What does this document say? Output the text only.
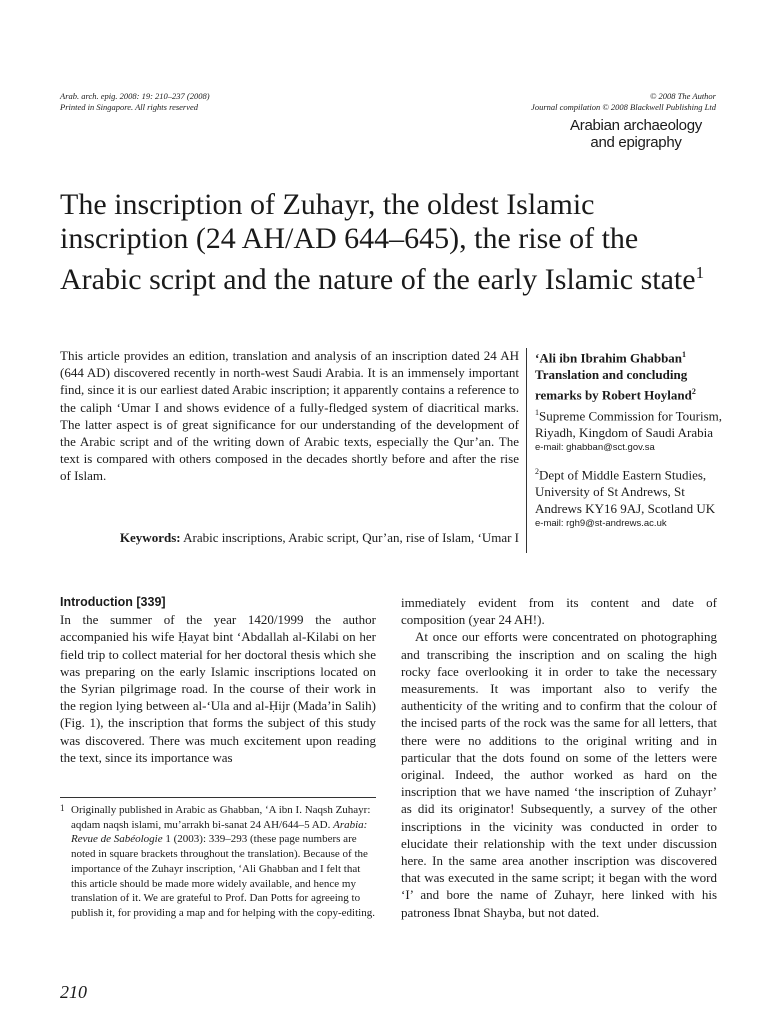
Arab. arch. epig. 2008: 19: 210–237 (2008)
Printed in Singapore. All rights reserved
© 2008 The Author
Journal compilation © 2008 Blackwell Publishing Ltd
Arabian archaeology
and epigraphy
The inscription of Zuhayr, the oldest Islamic inscription (24 AH/AD 644–645), the rise of the Arabic script and the nature of the early Islamic state$^1$
This article provides an edition, translation and analysis of an inscription dated 24 AH (644 AD) discovered recently in north-west Saudi Arabia. It is an immensely important find, since it is our earliest dated Arabic inscription; it apparently contains a reference to the caliph ‘Umar I and shows evidence of a fully-fledged system of diacritical marks. The latter aspect is of great significance for our understanding of the development of the Arabic script and of the writing down of Arabic texts, especially the Qur’an. The text is compared with others composed in the decades shortly before and after the rise of Islam.
Keywords: Arabic inscriptions, Arabic script, Qur’an, rise of Islam, ‘Umar I
‘Ali ibn Ibrahim Ghabban$^1$
Translation and concluding remarks by Robert Hoyland$^2$
$^1$Supreme Commission for Tourism, Riyadh, Kingdom of Saudi Arabia
e-mail: ghabban@sct.gov.sa
$^2$Dept of Middle Eastern Studies, University of St Andrews, St Andrews KY16 9AJ, Scotland UK
e-mail: rgh9@st-andrews.ac.uk
Introduction [339]

In the summer of the year 1420/1999 the author accompanied his wife Ḥayat bint ‘Abdallah al-Kilabi on her field trip to collect material for her doctoral thesis which she was preparing on the early Islamic inscriptions located on the Syrian pilgrimage road. In the course of their work in the region lying between al-‘Ula and al-Ḥijr (Mada’in Salih) (Fig. 1), the inscription that forms the subject of this study was discovered. There was much excitement upon reading the text, since its importance was

immediately evident from its content and date of composition (year 24 AH!).

At once our efforts were concentrated on photographing and transcribing the inscription and on scaling the high rocky face overlooking it in order to take the necessary measurements. It was important also to verify the authenticity of the writing and to confirm that the colour of the incised parts of the rock was the same for all letters, that there were no additions to the original writing and in particular that the dots found on some of the letters were original. Indeed, the author worked as hard on the inscription that we have named ‘the inscription of Zuhayr’ as did its originator! Subsequently, a survey of the other inscriptions in the vicinity was conducted in order to elucidate their relationship with the text under discussion here. In the same area another inscription was discovered that was executed in the same script; it began with the word ‘I’ and bore the name of Zuhayr, here linked with his patroness Ibnat Shayba, but not dated.

1 Originally published in Arabic as Ghabban, ‘A ibn I. Naqsh Zuhayr: aqdam naqsh islami, mu’arrakh bi-sanat 24 AH/644–5 AD. Arabia: Revue de Sabéologie 1 (2003): 339–293 (these page numbers are noted in square brackets throughout the translation). Because of the importance of the Zuhayr inscription, ‘Ali Ghabban and I felt that this article should be made more widely available, and hence my translation of it. We are grateful to Prof. Dan Potts for agreeing to publish it, for providing a map and for helping with the copy-editing.
210
